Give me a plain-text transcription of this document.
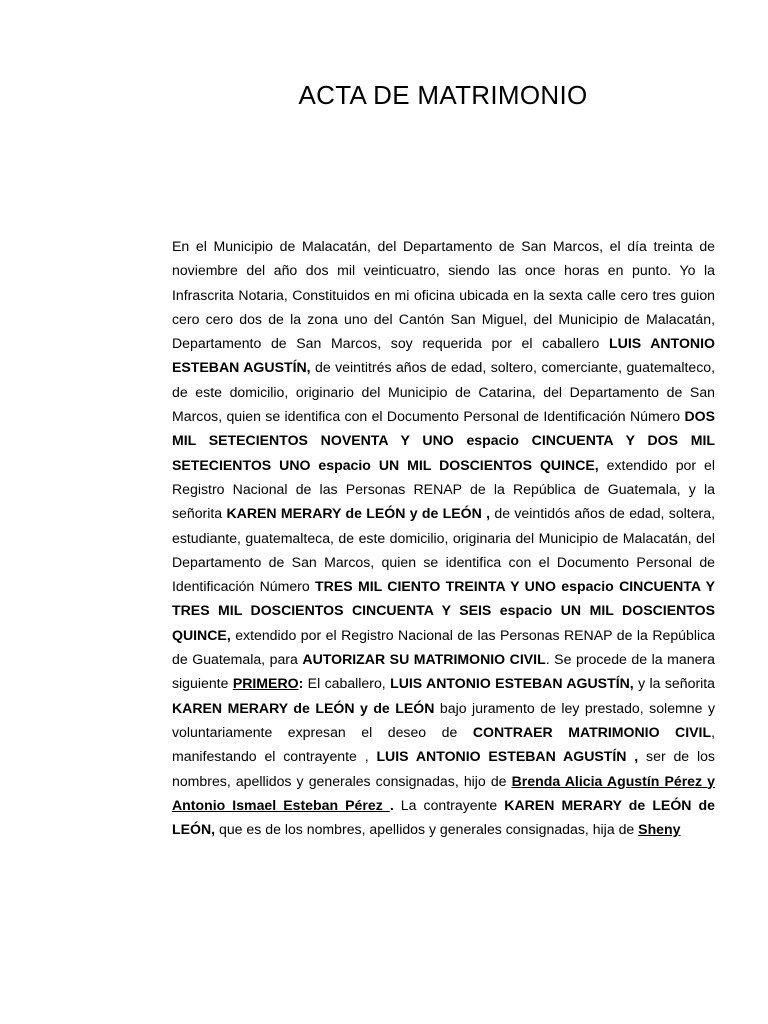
ACTA DE MATRIMONIO

En el Municipio de Malacatán, del Departamento de San Marcos, el día treinta de noviembre del año dos mil veinticuatro, siendo las once horas en punto. Yo la Infrascrita Notaria, Constituidos en mi oficina ubicada en la sexta calle cero tres guion cero cero dos de la zona uno del Cantón San Miguel, del Municipio de Malacatán, Departamento de San Marcos, soy requerida por el caballero LUIS ANTONIO ESTEBAN AGUSTÍN, de veintitrés años de edad, soltero, comerciante, guatemalteco, de este domicilio, originario del Municipio de Catarina, del Departamento de San Marcos, quien se identifica con el Documento Personal de Identificación Número DOS MIL SETECIENTOS NOVENTA Y UNO espacio CINCUENTA Y DOS MIL SETECIENTOS UNO espacio UN MIL DOSCIENTOS QUINCE, extendido por el Registro Nacional de las Personas RENAP de la República de Guatemala, y la señorita KAREN MERARY de LEÓN y de LEÓN , de veintidós años de edad, soltera, estudiante, guatemalteca, de este domicilio, originaria del Municipio de Malacatán, del Departamento de San Marcos, quien se identifica con el Documento Personal de Identificación Número TRES MIL CIENTO TREINTA Y UNO espacio CINCUENTA Y TRES MIL DOSCIENTOS CINCUENTA Y SEIS espacio UN MIL DOSCIENTOS QUINCE, extendido por el Registro Nacional de las Personas RENAP de la República de Guatemala, para AUTORIZAR SU MATRIMONIO CIVIL. Se procede de la manera siguiente PRIMERO: El caballero, LUIS ANTONIO ESTEBAN AGUSTÍN, y la señorita KAREN MERARY de LEÓN y de LEÓN bajo juramento de ley prestado, solemne y voluntariamente expresan el deseo de CONTRAER MATRIMONIO CIVIL, manifestando el contrayente , LUIS ANTONIO ESTEBAN AGUSTÍN , ser de los nombres, apellidos y generales consignadas, hijo de Brenda Alicia Agustín Pérez y Antonio Ismael Esteban Pérez . La contrayente KAREN MERARY de LEÓN de LEÓN, que es de los nombres, apellidos y generales consignadas, hija de Sheny
